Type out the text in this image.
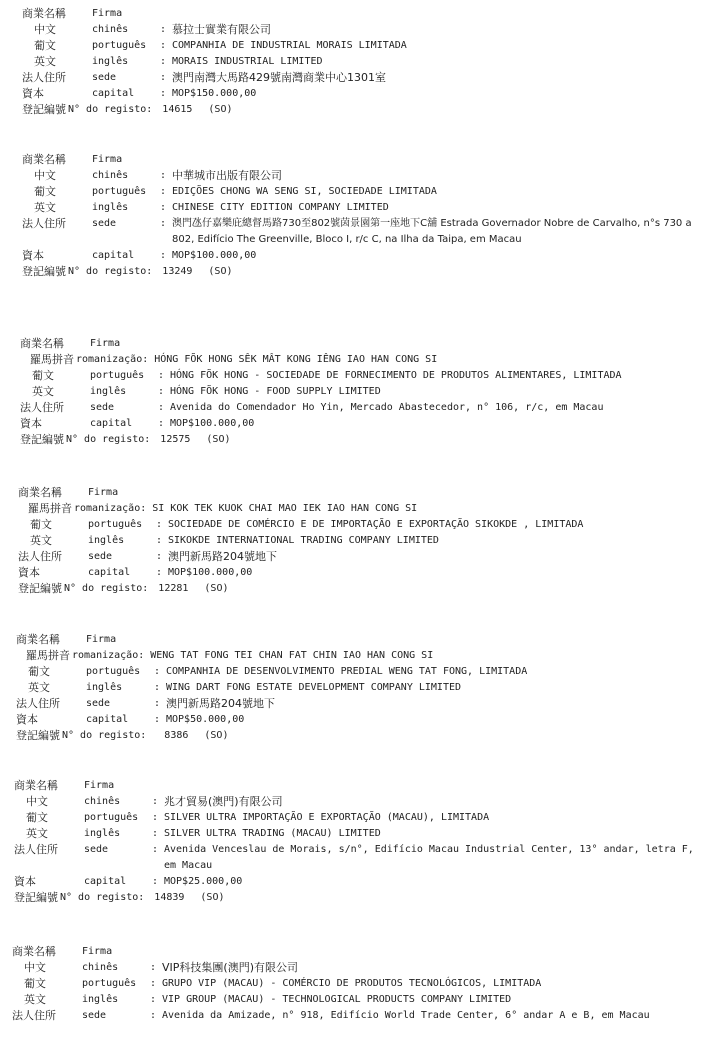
商業名稱	Firma
中文	chinês	: 慕拉士實業有限公司
葡文	português	: COMPANHIA DE INDUSTRIAL MORAIS LIMITADA
英文	inglês	: MORAIS INDUSTRIAL LIMITED
法人住所	sede	: 澳門南灣大馬路429號南灣商業中心1301室
資本	capital	: MOP$150.000,00
登記編號 N° do registo:	14615	(SO)
商業名稱	Firma
中文	chinês	: 中華城市出版有限公司
葡文	português	: EDIÇÕES CHONG WA SENG SI, SOCIEDADE LIMITADA
英文	inglês	: CHINESE CITY EDITION COMPANY LIMITED
法人住所	sede	: 澳門氹仔嘉樂庇總督馬路730至802號茵景園第一座地下C舖 Estrada Governador Nobre de Carvalho, n°s 730 a 802, Edifício The Greenville, Bloco I, r/c C, na Ilha da Taipa, em Macau
資本	capital	: MOP$100.000,00
登記編號 N° do registo:	13249	(SO)
商業名稱	Firma
羅馬拼音 romanização: HÓNG FÕK HONG SÊK MÂT KONG IÊNG IAO HAN CONG SI
葡文	português	: HÓNG FÕK HONG - SOCIEDADE DE FORNECIMENTO DE PRODUTOS ALIMENTARES, LIMITADA
英文	inglês	: HÓNG FÕK HONG - FOOD SUPPLY LIMITED
法人住所	sede	: Avenida do Comendador Ho Yin, Mercado Abastecedor, n° 106, r/c, em Macau
資本	capital	: MOP$100.000,00
登記編號 N° do registo:	12575	(SO)
商業名稱	Firma
羅馬拼音 romanização: SI KOK TEK KUOK CHAI MAO IEK IAO HAN CONG SI
葡文	português	: SOCIEDADE DE COMÉRCIO E DE IMPORTAÇÃO E EXPORTAÇÃO SIKOKDE , LIMITADA
英文	inglês	: SIKOKDE INTERNATIONAL TRADING COMPANY LIMITED
法人住所	sede	: 澳門新馬路204號地下
資本	capital	: MOP$100.000,00
登記編號 N° do registo:	12281	(SO)
商業名稱	Firma
羅馬拼音 romanização: WENG TAT FONG TEI CHAN FAT CHIN IAO HAN CONG SI
葡文	português	: COMPANHIA DE DESENVOLVIMENTO PREDIAL WENG TAT FONG, LIMITADA
英文	inglês	: WING DART FONG ESTATE DEVELOPMENT COMPANY LIMITED
法人住所	sede	: 澳門新馬路204號地下
資本	capital	: MOP$50.000,00
登記編號 N° do registo:	8386	(SO)
商業名稱	Firma
中文	chinês	: 兆才貿易(澳門)有限公司
葡文	português	: SILVER ULTRA IMPORTAÇÃO E EXPORTAÇÃO (MACAU), LIMITADA
英文	inglês	: SILVER ULTRA TRADING (MACAU) LIMITED
法人住所	sede	: Avenida Venceslau de Morais, s/n°, Edifício Macau Industrial Center, 13° andar, letra F, em Macau
資本	capital	: MOP$25.000,00
登記編號 N° do registo:	14839	(SO)
商業名稱	Firma
中文	chinês	: VIP科技集團(澳門)有限公司
葡文	português	: GRUPO VIP (MACAU) - COMÉRCIO DE PRODUTOS TECNOLÓGICOS, LIMITADA
英文	inglês	: VIP GROUP (MACAU) - TECHNOLOGICAL PRODUCTS COMPANY LIMITED
法人住所	sede	: Avenida da Amizade, n° 918, Edifício World Trade Center, 6° andar A e B, em Macau
